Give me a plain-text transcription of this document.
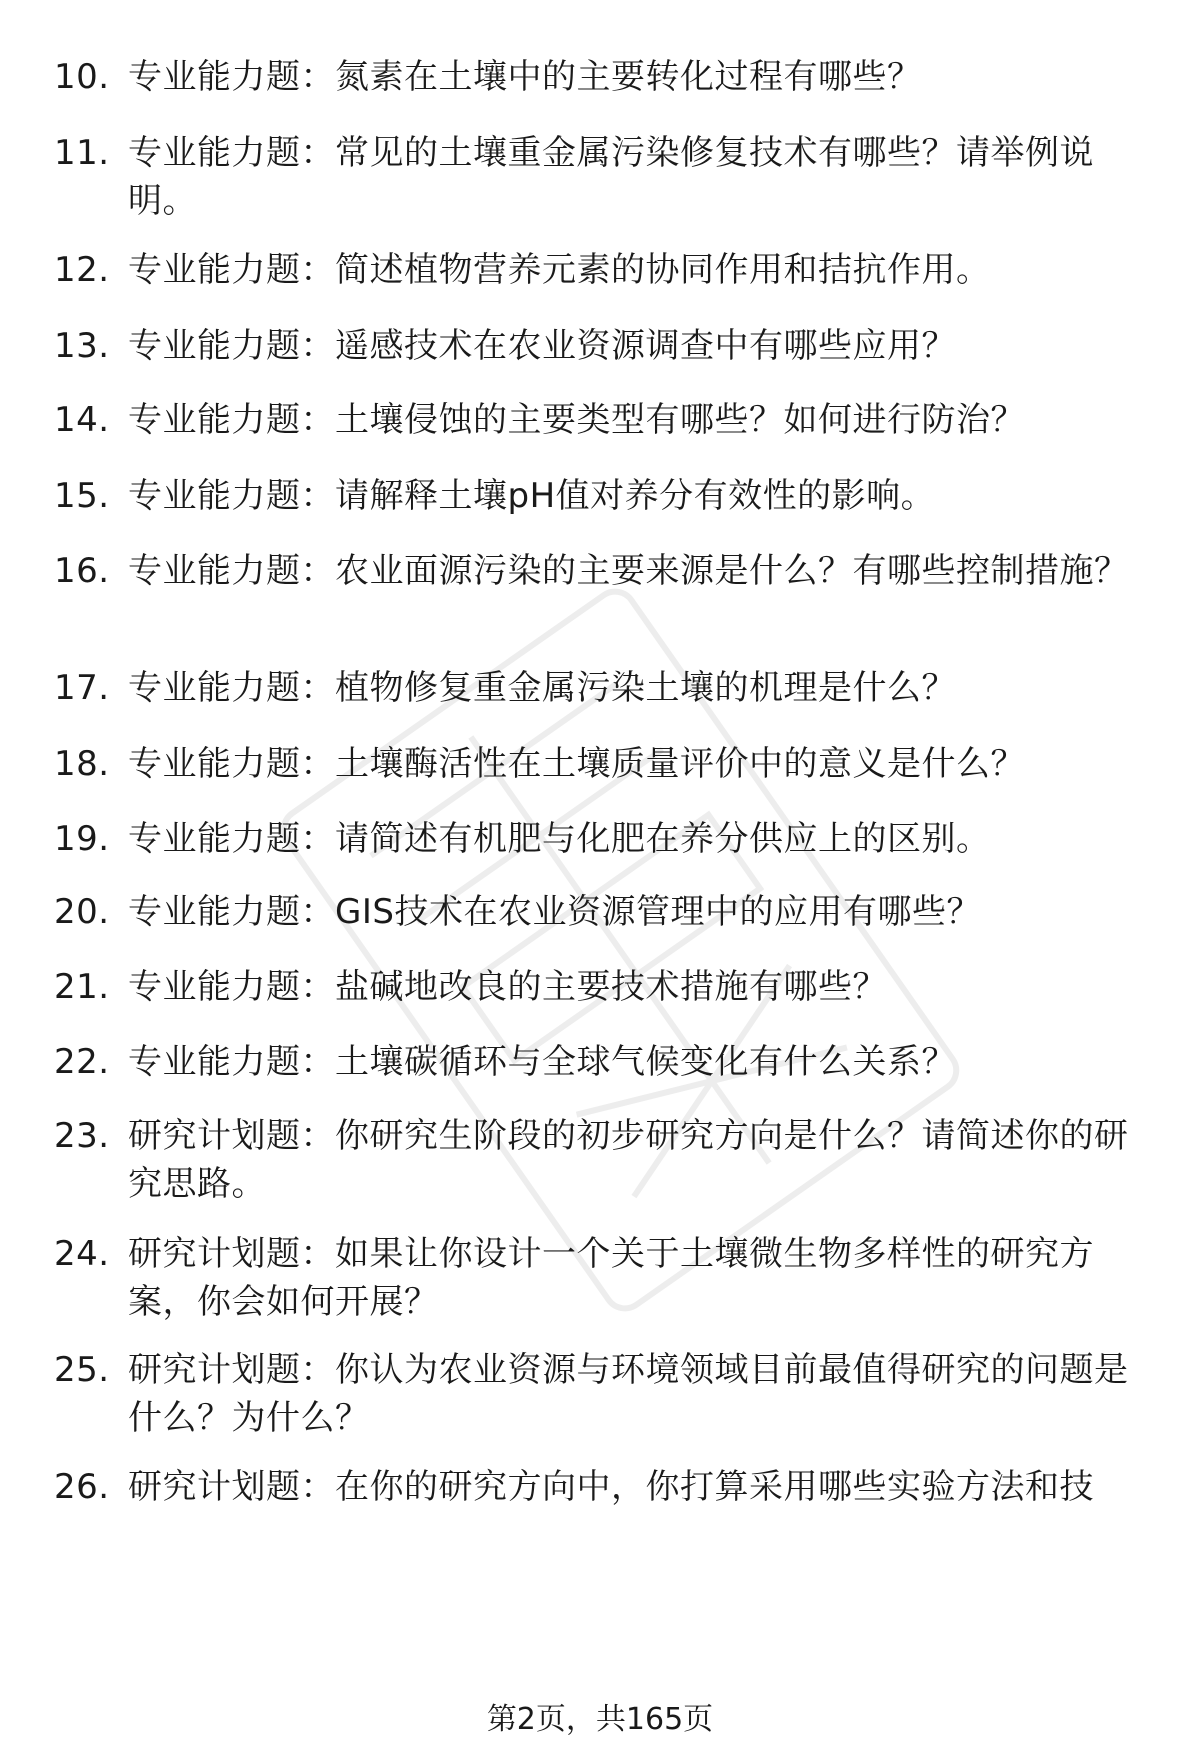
10. 专业能力题：氮素在土壤中的主要转化过程有哪些？
11. 专业能力题：常见的土壤重金属污染修复技术有哪些？请举例说明。
12. 专业能力题：简述植物营养元素的协同作用和拮抗作用。
13. 专业能力题：遥感技术在农业资源调查中有哪些应用？
14. 专业能力题：土壤侵蚀的主要类型有哪些？如何进行防治？
15. 专业能力题：请解释土壤pH值对养分有效性的影响。
16. 专业能力题：农业面源污染的主要来源是什么？有哪些控制措施？
17. 专业能力题：植物修复重金属污染土壤的机理是什么？
18. 专业能力题：土壤酶活性在土壤质量评价中的意义是什么？
19. 专业能力题：请简述有机肥与化肥在养分供应上的区别。
20. 专业能力题：GIS技术在农业资源管理中的应用有哪些？
21. 专业能力题：盐碱地改良的主要技术措施有哪些？
22. 专业能力题：土壤碳循环与全球气候变化有什么关系？
23. 研究计划题：你研究生阶段的初步研究方向是什么？请简述你的研究思路。
24. 研究计划题：如果让你设计一个关于土壤微生物多样性的研究方案，你会如何开展？
25. 研究计划题：你认为农业资源与环境领域目前最值得研究的问题是什么？为什么？
26. 研究计划题：在你的研究方向中，你打算采用哪些实验方法和技
第2页，共165页
